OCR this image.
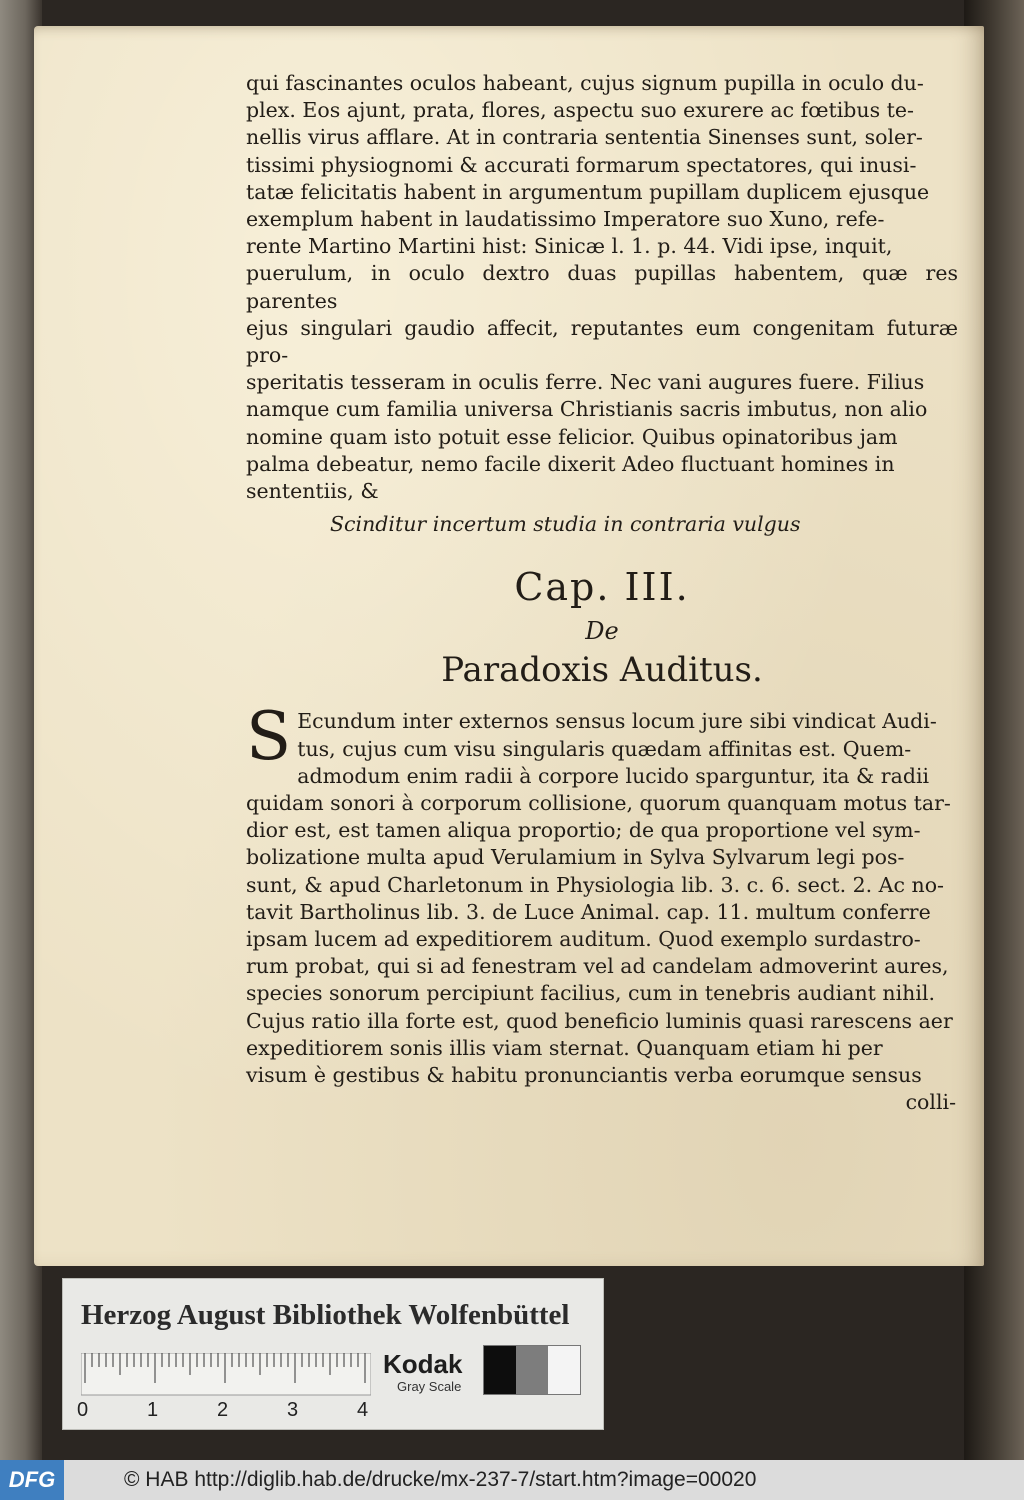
qui fascinantes oculos habeant, cujus signum pupilla in oculo du-
plex. Eos ajunt, prata, flores, aspectu suo exurere ac fœtibus te-
nellis virus afflare. At in contraria sententia Sinenses sunt, soler-
tissimi physiognomi & accurati formarum spectatores, qui inusi-
tatæ felicitatis habent in argumentum pupillam duplicem ejusque
exemplum habent in laudatissimo Imperatore suo Xuno, refe-
rente Martino Martini hist: Sinicæ l. 1. p. 44. Vidi ipse, inquit,
puerulum, in oculo dextro duas pupillas habentem, quæ res parentes
ejus singulari gaudio affecit, reputantes eum congenitam futuræ pro-
speritatis tesseram in oculis ferre. Nec vani augures fuere. Filius
namque cum familia universa Christianis sacris imbutus, non alio
nomine quam isto potuit esse felicior. Quibus opinatoribus jam
palma debeatur, nemo facile dixerit Adeo fluctuant homines in
sententiis, &

Scinditur incertum studia in contraria vulgus

Cap. III.

De

Paradoxis Auditus.

S Ecundum inter externos sensus locum jure sibi vindicat Audi-
tus, cujus cum visu singularis quædam affinitas est. Quem-
admodum enim radii à corpore lucido sparguntur, ita & radii
quidam sonori à corporum collisione, quorum quanquam motus tar-
dior est, est tamen aliqua proportio; de qua proportione vel sym-
bolizatione multa apud Verulamium in Sylva Sylvarum legi pos-
sunt, & apud Charletonum in Physiologia lib. 3. c. 6. sect. 2. Ac no-
tavit Bartholinus lib. 3. de Luce Animal. cap. 11. multum conferre
ipsam lucem ad expeditiorem auditum. Quod exemplo surdastro-
rum probat, qui si ad fenestram vel ad candelam admoverint aures,
species sonorum percipiunt facilius, cum in tenebris audiant nihil.
Cujus ratio illa forte est, quod beneficio luminis quasi rarescens aer
expeditiorem sonis illis viam sternat. Quanquam etiam hi per
visum è gestibus & habitu pronunciantis verba eorumque sensus

colli-

Herzog August Bibliothek Wolfenbüttel
0	1	2	3	4
Kodak
Gray Scale
DFG	© HAB http://diglib.hab.de/drucke/mx-237-7/start.htm?image=00020
